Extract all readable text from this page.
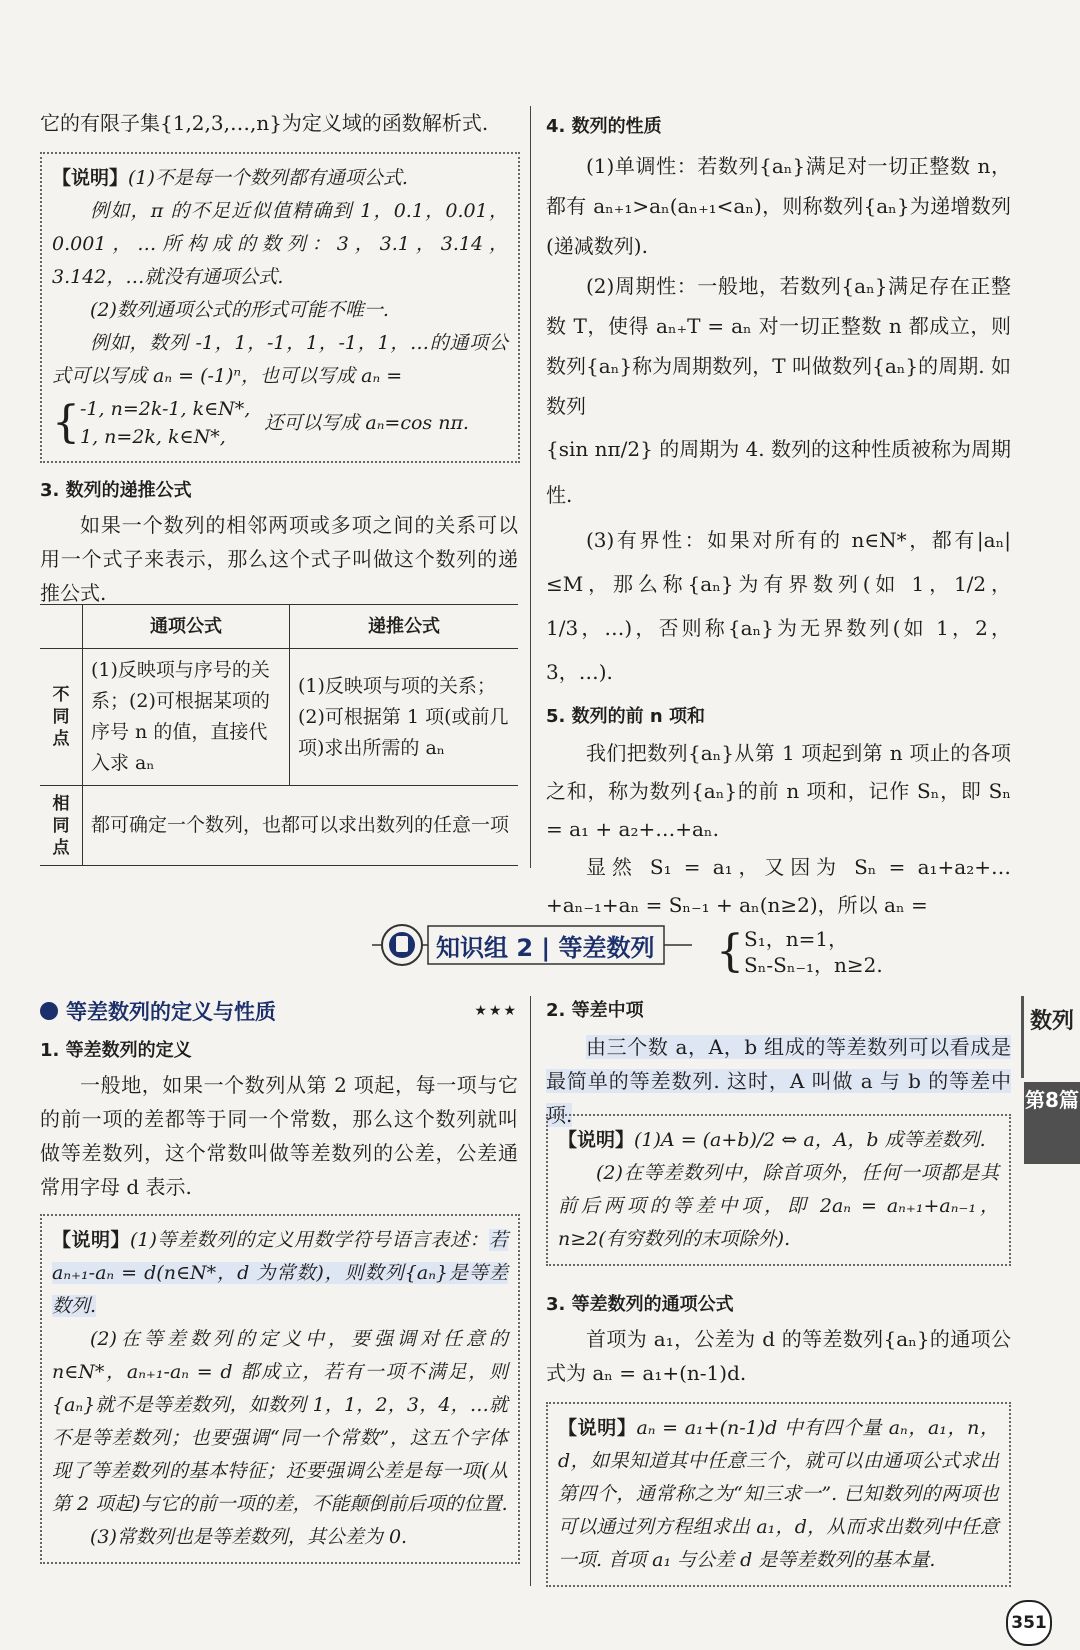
它的有限子集{1,2,3,…,n}为定义域的函数解析式.

【说明】(1)不是每一个数列都有通项公式.

例如，π 的不足近似值精确到 1，0.1，0.01，0.001，…所构成的数列：3，3.1，3.14，3.142，…就没有通项公式.

(2)数列通项公式的形式可能不唯一.

例如，数列 -1，1，-1，1，-1，1，…的通项公式可以写成 aₙ = (-1)ⁿ，也可以写成 aₙ =

{ -1, n=2k-1, k∈N*,
1, n=2k, k∈N*,
还可以写成 aₙ=cos nπ.

3. 数列的递推公式

如果一个数列的相邻两项或多项之间的关系可以用一个式子来表示，那么这个式子叫做这个数列的递推公式.

	通项公式	递推公式
不同点	(1)反映项与序号的关系；(2)可根据某项的序号 n 的值，直接代入求 aₙ	(1)反映项与项的关系；(2)可根据第 1 项(或前几项)求出所需的 aₙ
相同点	都可确定一个数列，也都可以求出数列的任意一项	

4. 数列的性质

(1)单调性：若数列{aₙ}满足对一切正整数 n，都有 aₙ₊₁>aₙ(aₙ₊₁<aₙ)，则称数列{aₙ}为递增数列(递减数列).

(2)周期性：一般地，若数列{aₙ}满足存在正整数 T，使得 aₙ₊T = aₙ 对一切正整数 n 都成立，则数列{aₙ}称为周期数列，T 叫做数列{aₙ}的周期. 如数列

{sin nπ/2} 的周期为 4. 数列的这种性质被称为周期性.

(3)有界性：如果对所有的 n∈N*，都有|aₙ|≤M，那么称{aₙ}为有界数列(如 1，1/2，1/3，…)，否则称{aₙ}为无界数列(如 1，2，3，…).

5. 数列的前 n 项和

我们把数列{aₙ}从第 1 项起到第 n 项止的各项之和，称为数列{aₙ}的前 n 项和，记作 Sₙ，即 Sₙ = a₁ + a₂+…+aₙ.

显然 S₁ = a₁，又因为 Sₙ = a₁+a₂+…+aₙ₋₁+aₙ = Sₙ₋₁ + aₙ(n≥2)，所以 aₙ =

{ S₁，n=1，
Sₙ-Sₙ₋₁，n≥2.
知识组 2 | 等差数列
等差数列的定义与性质	★★★

1. 等差数列的定义

一般地，如果一个数列从第 2 项起，每一项与它的前一项的差都等于同一个常数，那么这个数列就叫做等差数列，这个常数叫做等差数列的公差，公差通常用字母 d 表示.

【说明】(1)等差数列的定义用数学符号语言表述：若 aₙ₊₁-aₙ = d(n∈N*，d 为常数)，则数列{aₙ}是等差数列.

(2)在等差数列的定义中，要强调对任意的 n∈N*，aₙ₊₁-aₙ = d 都成立，若有一项不满足，则{aₙ}就不是等差数列，如数列 1，1，2，3，4，…就不是等差数列；也要强调“同一个常数”，这五个字体现了等差数列的基本特征；还要强调公差是每一项(从第 2 项起)与它的前一项的差，不能颠倒前后项的位置.

(3)常数列也是等差数列，其公差为 0.

2. 等差中项

由三个数 a，A，b 组成的等差数列可以看成是最简单的等差数列. 这时，A 叫做 a 与 b 的等差中项.

【说明】(1)A = (a+b)/2 ⇔ a，A，b 成等差数列.

(2)在等差数列中，除首项外，任何一项都是其前后两项的等差中项，即 2aₙ = aₙ₊₁+aₙ₋₁，n≥2(有穷数列的末项除外).

3. 等差数列的通项公式

首项为 a₁，公差为 d 的等差数列{aₙ}的通项公式为 aₙ = a₁+(n-1)d.

【说明】aₙ = a₁+(n-1)d 中有四个量 aₙ，a₁，n，d，如果知道其中任意三个，就可以由通项公式求出第四个，通常称之为“知三求一”. 已知数列的两项也可以通过列方程组求出 a₁，d，从而求出数列中任意一项. 首项 a₁ 与公差 d 是等差数列的基本量.

数列
第8篇
351
